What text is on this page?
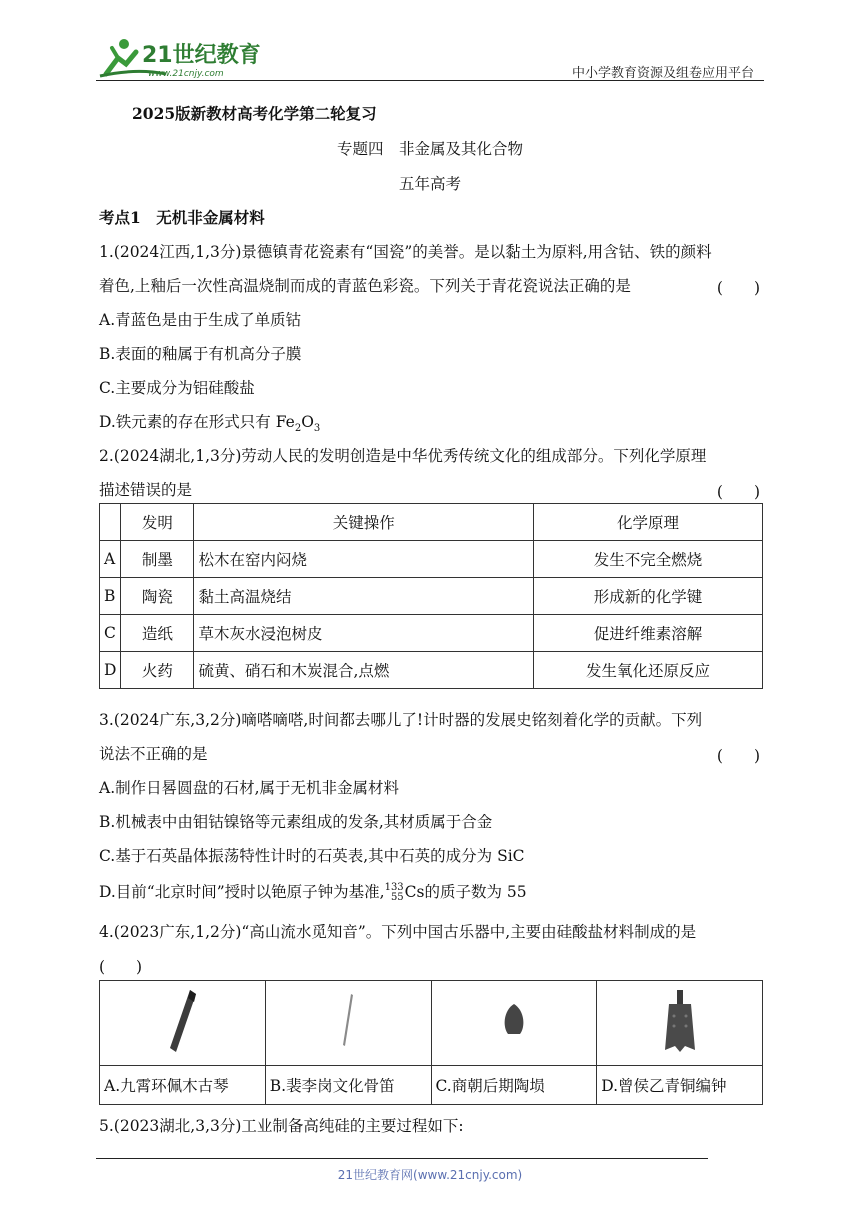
21世纪教育
www.21cnjy.com	中小学教育资源及组卷应用平台
2025版新教材高考化学第二轮复习
专题四　非金属及其化合物
五年高考
考点1　无机非金属材料
1.(2024江西,1,3分)景德镇青花瓷素有“国瓷”的美誉。是以黏土为原料,用含钴、铁的颜料
着色,上釉后一次性高温烧制而成的青蓝色彩瓷。下列关于青花瓷说法正确的是	(　　)
A.青蓝色是由于生成了单质钴
B.表面的釉属于有机高分子膜
C.主要成分为铝硅酸盐
D.铁元素的存在形式只有 $Fe_2O_3$
2.(2024湖北,1,3分)劳动人民的发明创造是中华优秀传统文化的组成部分。下列化学原理
描述错误的是	(　　)
	发明	关键操作	化学原理
A	制墨	松木在窑内闷烧	发生不完全燃烧
B	陶瓷	黏土高温烧结	形成新的化学键
C	造纸	草木灰水浸泡树皮	促进纤维素溶解
D	火药	硫黄、硝石和木炭混合,点燃	发生氧化还原反应
3.(2024广东,3,2分)嘀嗒嘀嗒,时间都去哪儿了!计时器的发展史铭刻着化学的贡献。下列
说法不正确的是	(　　)
A.制作日晷圆盘的石材,属于无机非金属材料
B.机械表中由钼钴镍铬等元素组成的发条,其材质属于合金
C.基于石英晶体振荡特性计时的石英表,其中石英的成分为 SiC
D.目前“北京时间”授时以铯原子钟为基准, 133
55 Cs的质子数为 55
4.(2023广东,1,2分)“高山流水觅知音”。下列中国古乐器中,主要由硅酸盐材料制成的是

A.九霄环佩木古琴	B.裴李岗文化骨笛	C.商朝后期陶埙	D.曾侯乙青铜编钟
5.(2023湖北,3,3分)工业制备高纯硅的主要过程如下:
21世纪教育网(www.21cnjy.com)
(　　)
